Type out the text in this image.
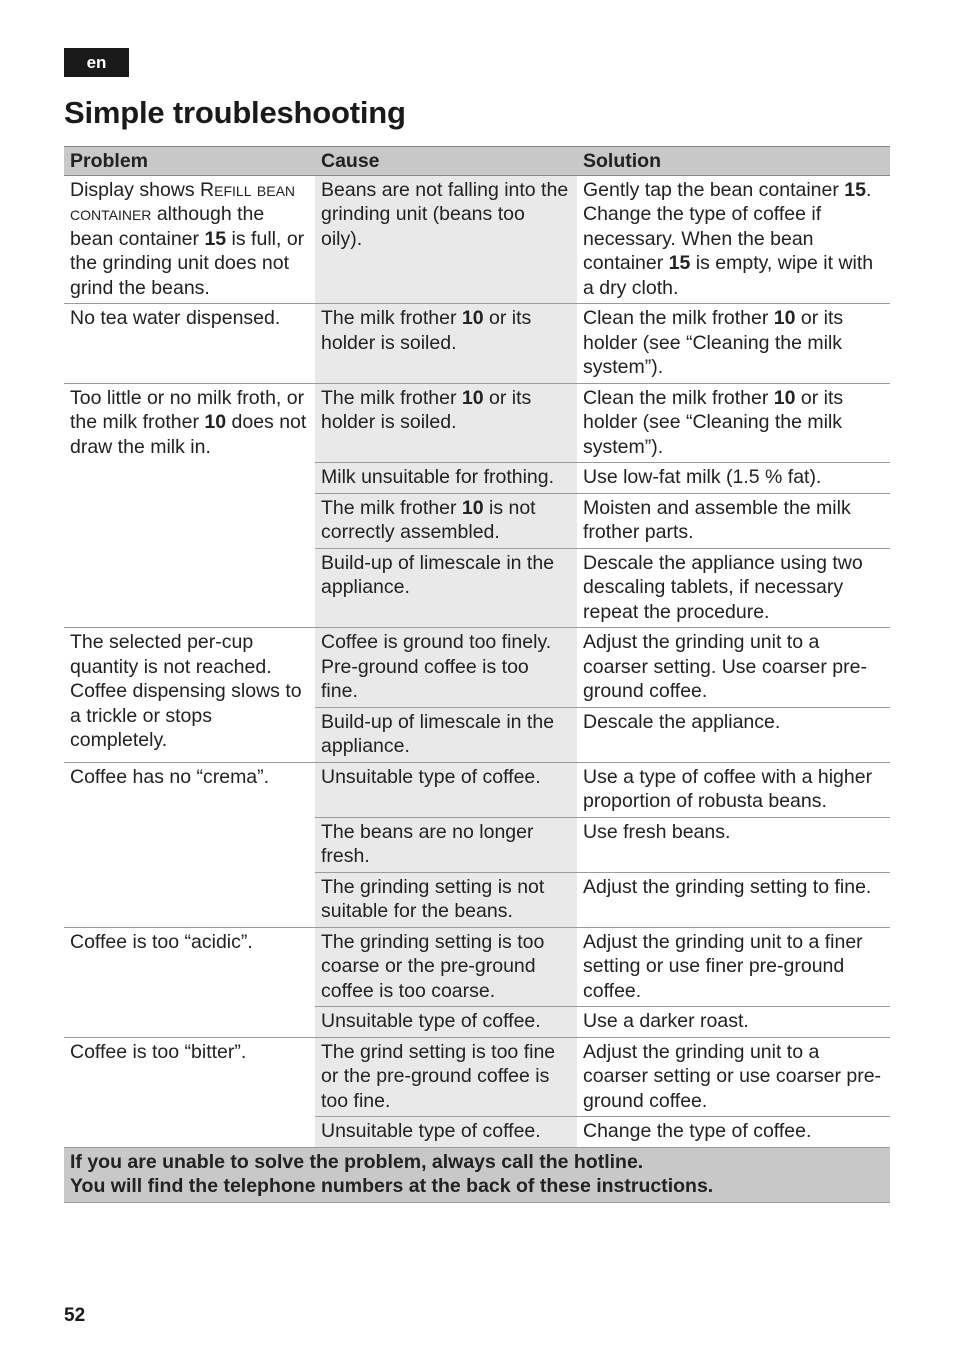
en
Simple troubleshooting
Problem	Cause	Solution
Display shows Refill bean container although the bean container 15 is full, or the grinding unit does not grind the beans.	Beans are not falling into the grinding unit (beans too oily).	Gently tap the bean container 15. Change the type of coffee if necessary. When the bean container 15 is empty, wipe it with a dry cloth.
No tea water dispensed.	The milk frother 10 or its holder is soiled.	Clean the milk frother 10 or its holder (see “Cleaning the milk system”).
Too little or no milk froth, or the milk frother 10 does not draw the milk in.	The milk frother 10 or its holder is soiled.	Clean the milk frother 10 or its holder (see “Cleaning the milk system”).
	Milk unsuitable for frothing.	Use low-fat milk (1.5 % fat).
	The milk frother 10 is not correctly assembled.	Moisten and assemble the milk frother parts.
	Build-up of limescale in the appliance.	Descale the appliance using two descaling tablets, if necessary repeat the procedure.
The selected per-cup quantity is not reached. Coffee dispensing slows to a trickle or stops completely.	Coffee is ground too finely. Pre-ground coffee is too fine.	Adjust the grinding unit to a coarser setting. Use coarser pre-ground coffee.
	Build-up of limescale in the appliance.	Descale the appliance.
Coffee has no “crema”.	Unsuitable type of coffee.	Use a type of coffee with a higher proportion of robusta beans.
	The beans are no longer fresh.	Use fresh beans.
	The grinding setting is not suitable for the beans.	Adjust the grinding setting to fine.
Coffee is too “acidic”.	The grinding setting is too coarse or the pre-ground coffee is too coarse.	Adjust the grinding unit to a finer setting or use finer pre-ground coffee.
	Unsuitable type of coffee.	Use a darker roast.
Coffee is too “bitter”.	The grind setting is too fine or the pre-ground coffee is too fine.	Adjust the grinding unit to a coarser setting or use coarser pre-ground coffee.
	Unsuitable type of coffee.	Change the type of coffee.

If you are unable to solve the problem, always call the hotline.
You will find the telephone numbers at the back of these instructions.		
52
